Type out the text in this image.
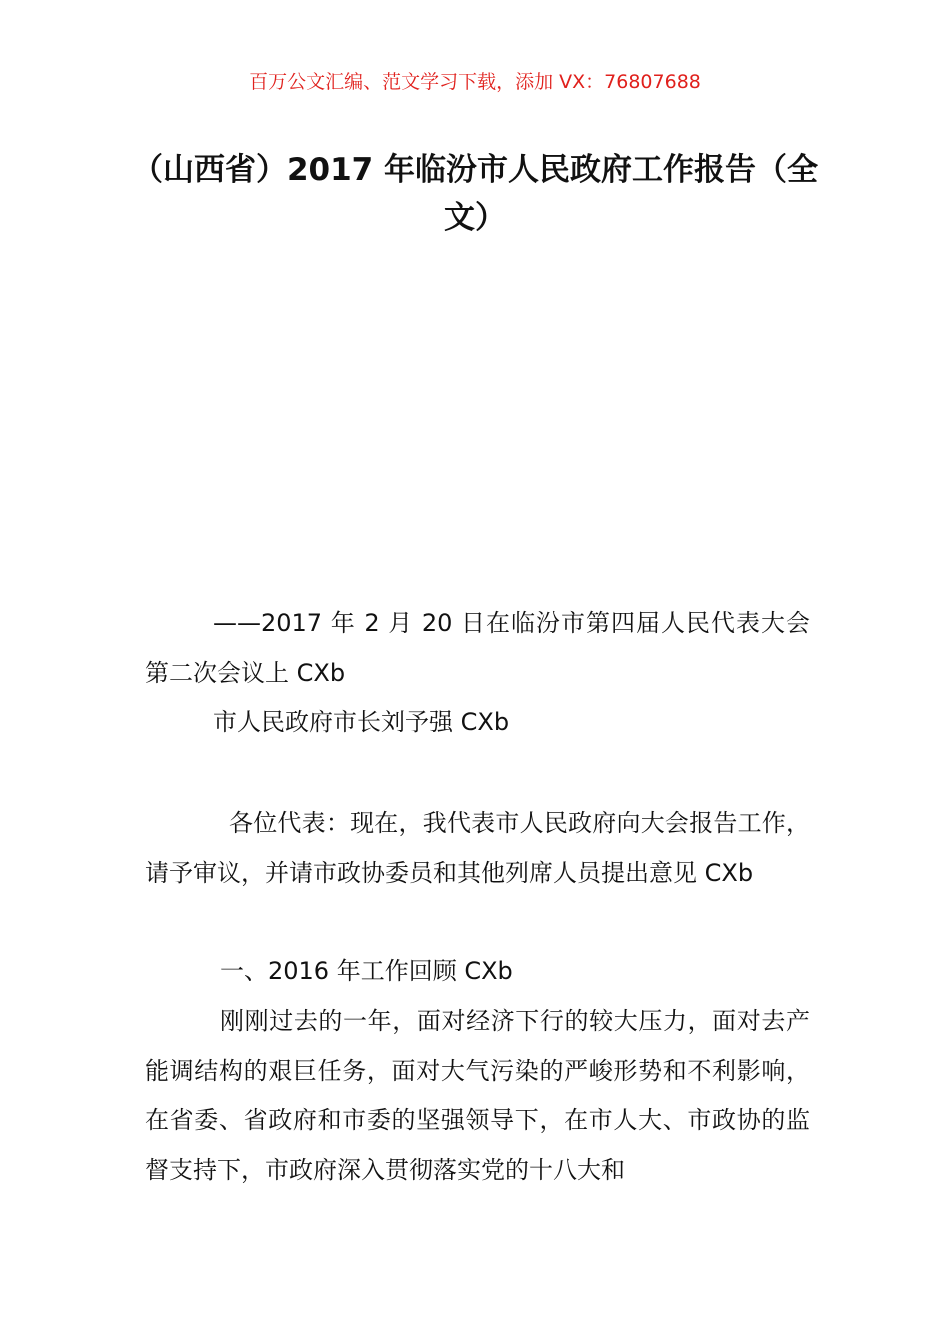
百万公文汇编、范文学习下载，添加 VX：76807688
（山西省）2017 年临汾市人民政府工作报告（全文）

——2017 年 2 月 20 日在临汾市第四届人民代表大会第二次会议上 CXb

市人民政府市长刘予强 CXb

各位代表：现在，我代表市人民政府向大会报告工作，请予审议，并请市政协委员和其他列席人员提出意见 CXb

一、2016 年工作回顾 CXb

刚刚过去的一年，面对经济下行的较大压力，面对去产能调结构的艰巨任务，面对大气污染的严峻形势和不利影响，在省委、省政府和市委的坚强领导下，在市人大、市政协的监督支持下，市政府深入贯彻落实党的十八大和
